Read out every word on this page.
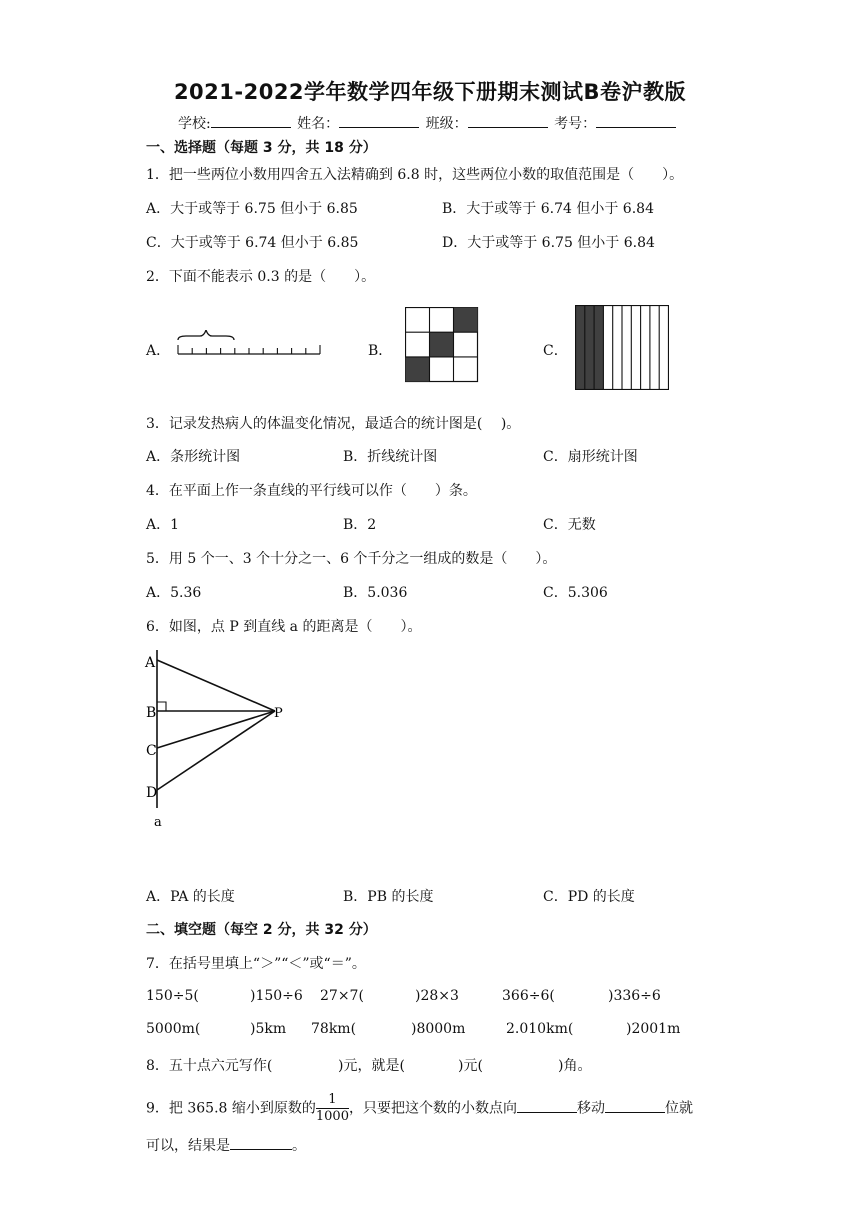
2021-2022学年数学四年级下册期末测试B卷沪教版
学校:	姓名：	班级：	考号：
一、选择题（每题 3 分，共 18 分）
1．把一些两位小数用四舍五入法精确到 6.8 时，这些两位小数的取值范围是（　　）。
A．大于或等于 6.75 但小于 6.85	B．大于或等于 6.74 但小于 6.84
C．大于或等于 6.74 但小于 6.85	D．大于或等于 6.75 但小于 6.84
2．下面不能表示 0.3 的是（　　）。
A．	B．	C．
3．记录发热病人的体温变化情况，最适合的统计图是(　 )。
A．条形统计图	B．折线统计图	C．扇形统计图
4．在平面上作一条直线的平行线可以作（　　）条。
A．1	B．2	C．无数
5．用 5 个一、3 个十分之一、6 个千分之一组成的数是（　　）。
A．5.36	B．5.036	C．5.306
6．如图，点 P 到直线 a 的距离是（　　）。
A
B
C
D
P
a
A．PA 的长度	B．PB 的长度	C．PD 的长度
二、填空题（每空 2 分，共 32 分）
7．在括号里填上“＞”“＜”或“＝”。
150÷5(	)150÷6 27×7(	)28×3	366÷6(	)336÷6
5000m(	)5km 78km(	)8000m	2.010km(	)2001m
8．五十点六元写作(	)元，就是(	)元(	)角。
9．把 365.8 缩小到原数的 $\frac{1}{1000}$ ，只要把这个数的小数点向	移动	位就
可以，结果是	。
